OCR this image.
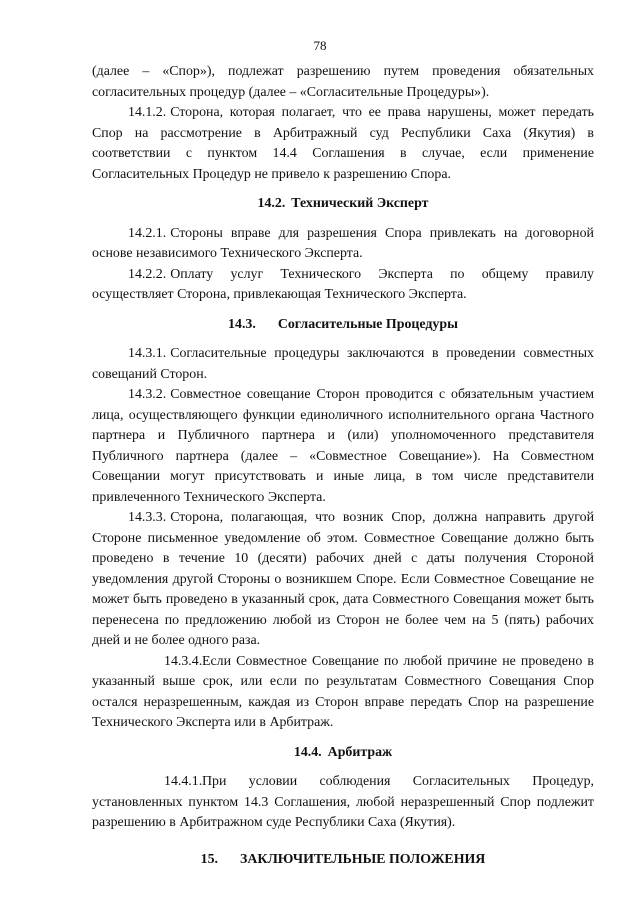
78

(далее – «Спор»), подлежат разрешению путем проведения обязательных согласительных процедур (далее – «Согласительные Процедуры»).

14.1.2. Сторона, которая полагает, что ее права нарушены, может передать Спор на рассмотрение в Арбитражный суд Республики Саха (Якутия) в соответствии с пунктом 14.4 Соглашения в случае, если применение Согласительных Процедур не привело к разрешению Спора.

14.2. Технический Эксперт

14.2.1. Стороны вправе для разрешения Спора привлекать на договорной основе независимого Технического Эксперта.

14.2.2. Оплату услуг Технического Эксперта по общему правилу осуществляет Сторона, привлекающая Технического Эксперта.

14.3. Согласительные Процедуры

14.3.1. Согласительные процедуры заключаются в проведении совместных совещаний Сторон.

14.3.2. Совместное совещание Сторон проводится с обязательным участием лица, осуществляющего функции единоличного исполнительного органа Частного партнера и Публичного партнера и (или) уполномоченного представителя Публичного партнера (далее – «Совместное Совещание»). На Совместном Совещании могут присутствовать и иные лица, в том числе представители привлеченного Технического Эксперта.

14.3.3. Сторона, полагающая, что возник Спор, должна направить другой Стороне письменное уведомление об этом. Совместное Совещание должно быть проведено в течение 10 (десяти) рабочих дней с даты получения Стороной уведомления другой Стороны о возникшем Споре. Если Совместное Совещание не может быть проведено в указанный срок, дата Совместного Совещания может быть перенесена по предложению любой из Сторон не более чем на 5 (пять) рабочих дней и не более одного раза.

14.3.4.Если Совместное Совещание по любой причине не проведено в указанный выше срок, или если по результатам Совместного Совещания Спор остался неразрешенным, каждая из Сторон вправе передать Спор на разрешение Технического Эксперта или в Арбитраж.

14.4. Арбитраж

14.4.1.При условии соблюдения Согласительных Процедур, установленных пунктом 14.3 Соглашения, любой неразрешенный Спор подлежит разрешению в Арбитражном суде Республики Саха (Якутия).

15. ЗАКЛЮЧИТЕЛЬНЫЕ ПОЛОЖЕНИЯ
